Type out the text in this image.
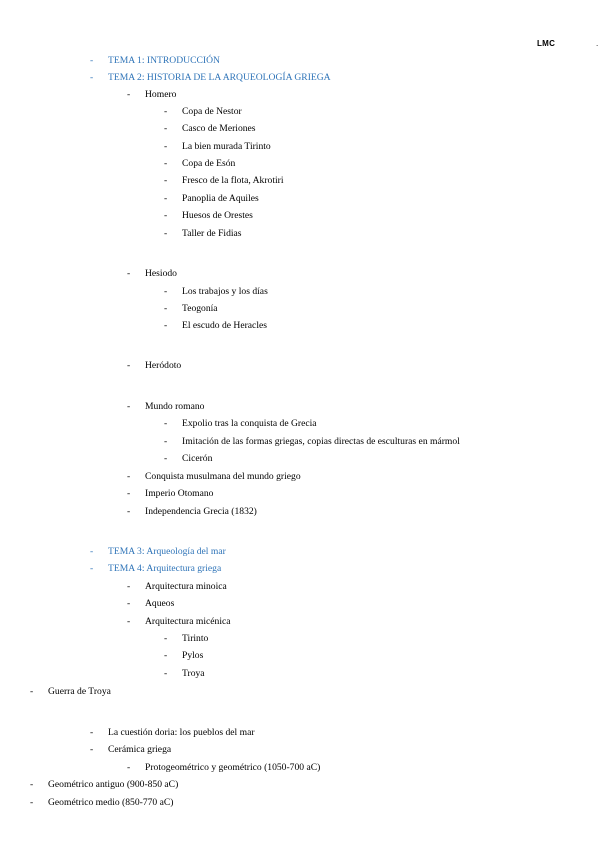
LMC	.
- TEMA 1: INTRODUCCIÓN
- TEMA 2: HISTORIA DE LA ARQUEOLOGÍA GRIEGA
- Homero
- Copa de Nestor
- Casco de Meriones
- La bien murada Tirinto
- Copa de Esón
- Fresco de la flota, Akrotiri
- Panoplia de Aquiles
- Huesos de Orestes
- Taller de Fidias
- Hesiodo
- Los trabajos y los días
- Teogonía
- El escudo de Heracles
- Heródoto
- Mundo romano
- Expolio tras la conquista de Grecia
- Imitación de las formas griegas, copias directas de esculturas en mármol
- Cicerón
- Conquista musulmana del mundo griego
- Imperio Otomano
- Independencia Grecia (1832)
- TEMA 3: Arqueología del mar
- TEMA 4: Arquitectura griega
- Arquitectura minoica
- Aqueos
- Arquitectura micénica
- Tirinto
- Pylos
- Troya
- Guerra de Troya
- La cuestión doria: los pueblos del mar
- Cerámica griega
- Protogeométrico y geométrico (1050-700 aC)
- Geométrico antiguo (900-850 aC)
- Geométrico medio (850-770 aC)
